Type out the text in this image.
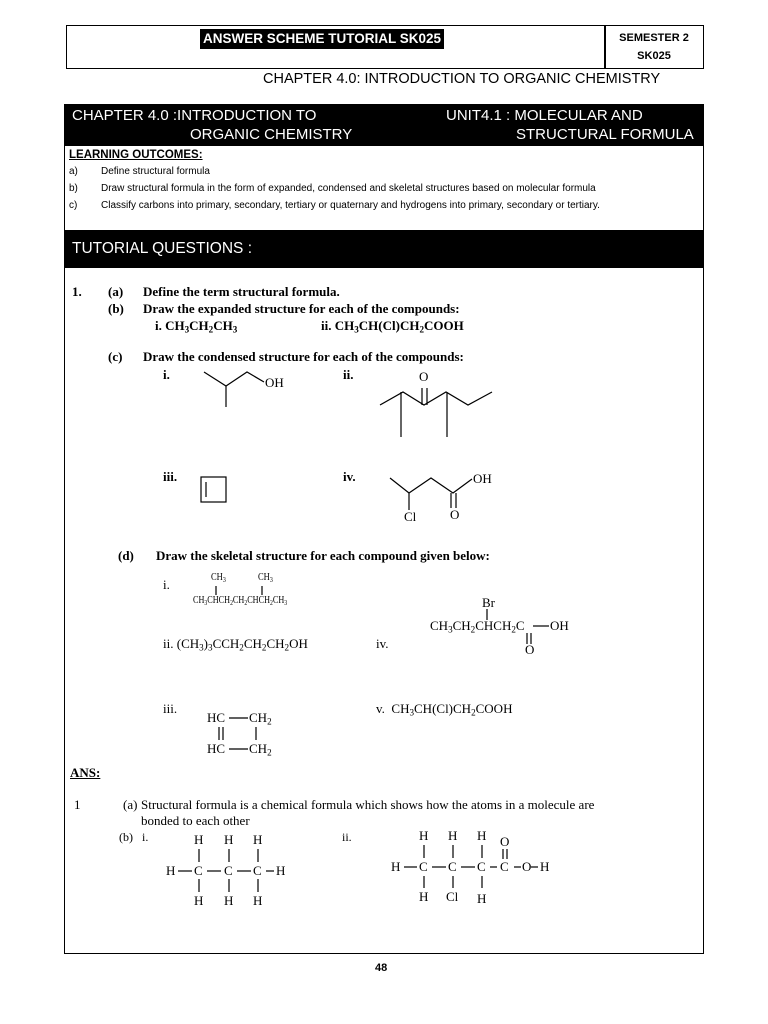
ANSWER SCHEME TUTORIAL SK025	SEMESTER 2
SK025
CHAPTER 4.0: INTRODUCTION TO ORGANIC CHEMISTRY
CHAPTER 4.0 :INTRODUCTION TO
ORGANIC CHEMISTRY
UNIT4.1 : MOLECULAR AND
STRUCTURAL FORMULA
LEARNING OUTCOMES:
a) Define structural formula
b) Draw structural formula in the form of expanded, condensed and skeletal structures based on molecular formula
c) Classify carbons into primary, secondary, tertiary or quaternary and hydrogens into primary, secondary or tertiary.
TUTORIAL QUESTIONS :
1. (a) Define the term structural formula.
(b) Draw the expanded structure for each of the compounds:
i. $CH_3CH_2CH_3$	ii. $CH_3CH(Cl)CH_2COOH$
(c) Draw the condensed structure for each of the compounds:
i.
OH
ii.	O
iii.	iv.	OH
Cl	O
(d) Draw the skeletal structure for each compound given below:
i.	$CH_3$	$CH_3$
$CH_3CHCH_2CH_2CHCH_2CH_3$
ii. $(CH_3)_3CCH_2CH_2CH_2OH$
iii.
HC $CH_2$
HC $CH_2$
iv.
Br
$CH_3CH_2CHCH_2C$ OH
O
v.  $CH_3CH(Cl)CH_2COOH$
ANS:
1	(a) Structural formula is a chemical formula which shows how the atoms in a molecule are
bonded to each other
(b) i.	ii.
H H H
H C C C H
H H H
H H H O
H C C C C O H
H Cl H
48
